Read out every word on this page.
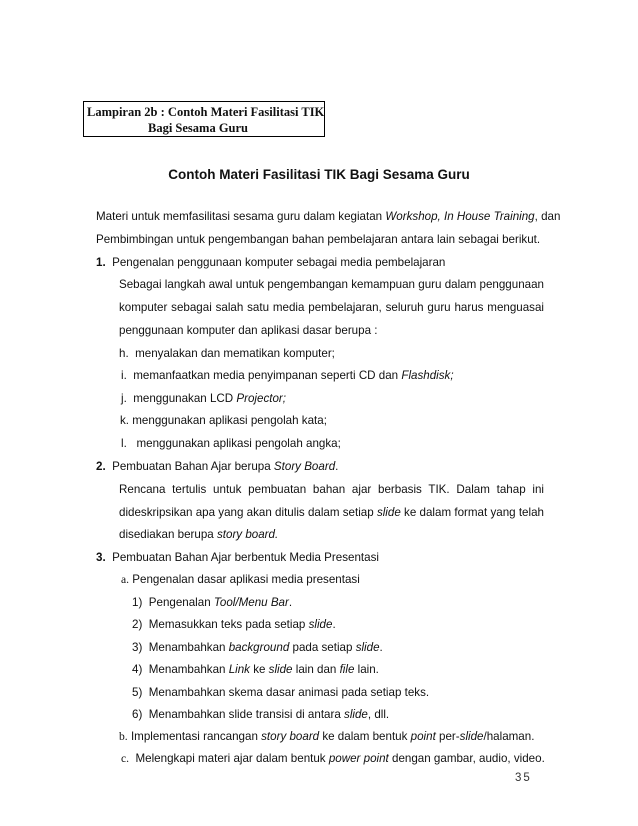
Lampiran 2b : Contoh Materi Fasilitasi TIK
Bagi Sesama Guru
Contoh Materi Fasilitasi TIK Bagi Sesama Guru
Materi untuk memfasilitasi sesama guru dalam kegiatan Workshop, In House Training, dan
Pembimbingan untuk pengembangan bahan pembelajaran antara lain sebagai berikut.
1. Pengenalan penggunaan komputer sebagai media pembelajaran
Sebagai langkah awal untuk pengembangan kemampuan guru dalam penggunaan
komputer sebagai salah satu media pembelajaran, seluruh guru harus menguasai
penggunaan komputer dan aplikasi dasar berupa :
h. menyalakan dan mematikan komputer;
i. memanfaatkan media penyimpanan seperti CD dan Flashdisk;
j. menggunakan LCD Projector;
k. menggunakan aplikasi pengolah kata;
l. menggunakan aplikasi pengolah angka;
2. Pembuatan Bahan Ajar berupa Story Board.
Rencana tertulis untuk pembuatan bahan ajar berbasis TIK. Dalam tahap ini
dideskripsikan apa yang akan ditulis dalam setiap slide ke dalam format yang telah
disediakan berupa story board.
3. Pembuatan Bahan Ajar berbentuk Media Presentasi
a. Pengenalan dasar aplikasi media presentasi
1) Pengenalan Tool/Menu Bar.
2) Memasukkan teks pada setiap slide.
3) Menambahkan background pada setiap slide.
4) Menambahkan Link ke slide lain dan file lain.
5) Menambahkan skema dasar animasi pada setiap teks.
6) Menambahkan slide transisi di antara slide, dll.
b. Implementasi rancangan story board ke dalam bentuk point per-slide/halaman.
c. Melengkapi materi ajar dalam bentuk power point dengan gambar, audio, video.
35
